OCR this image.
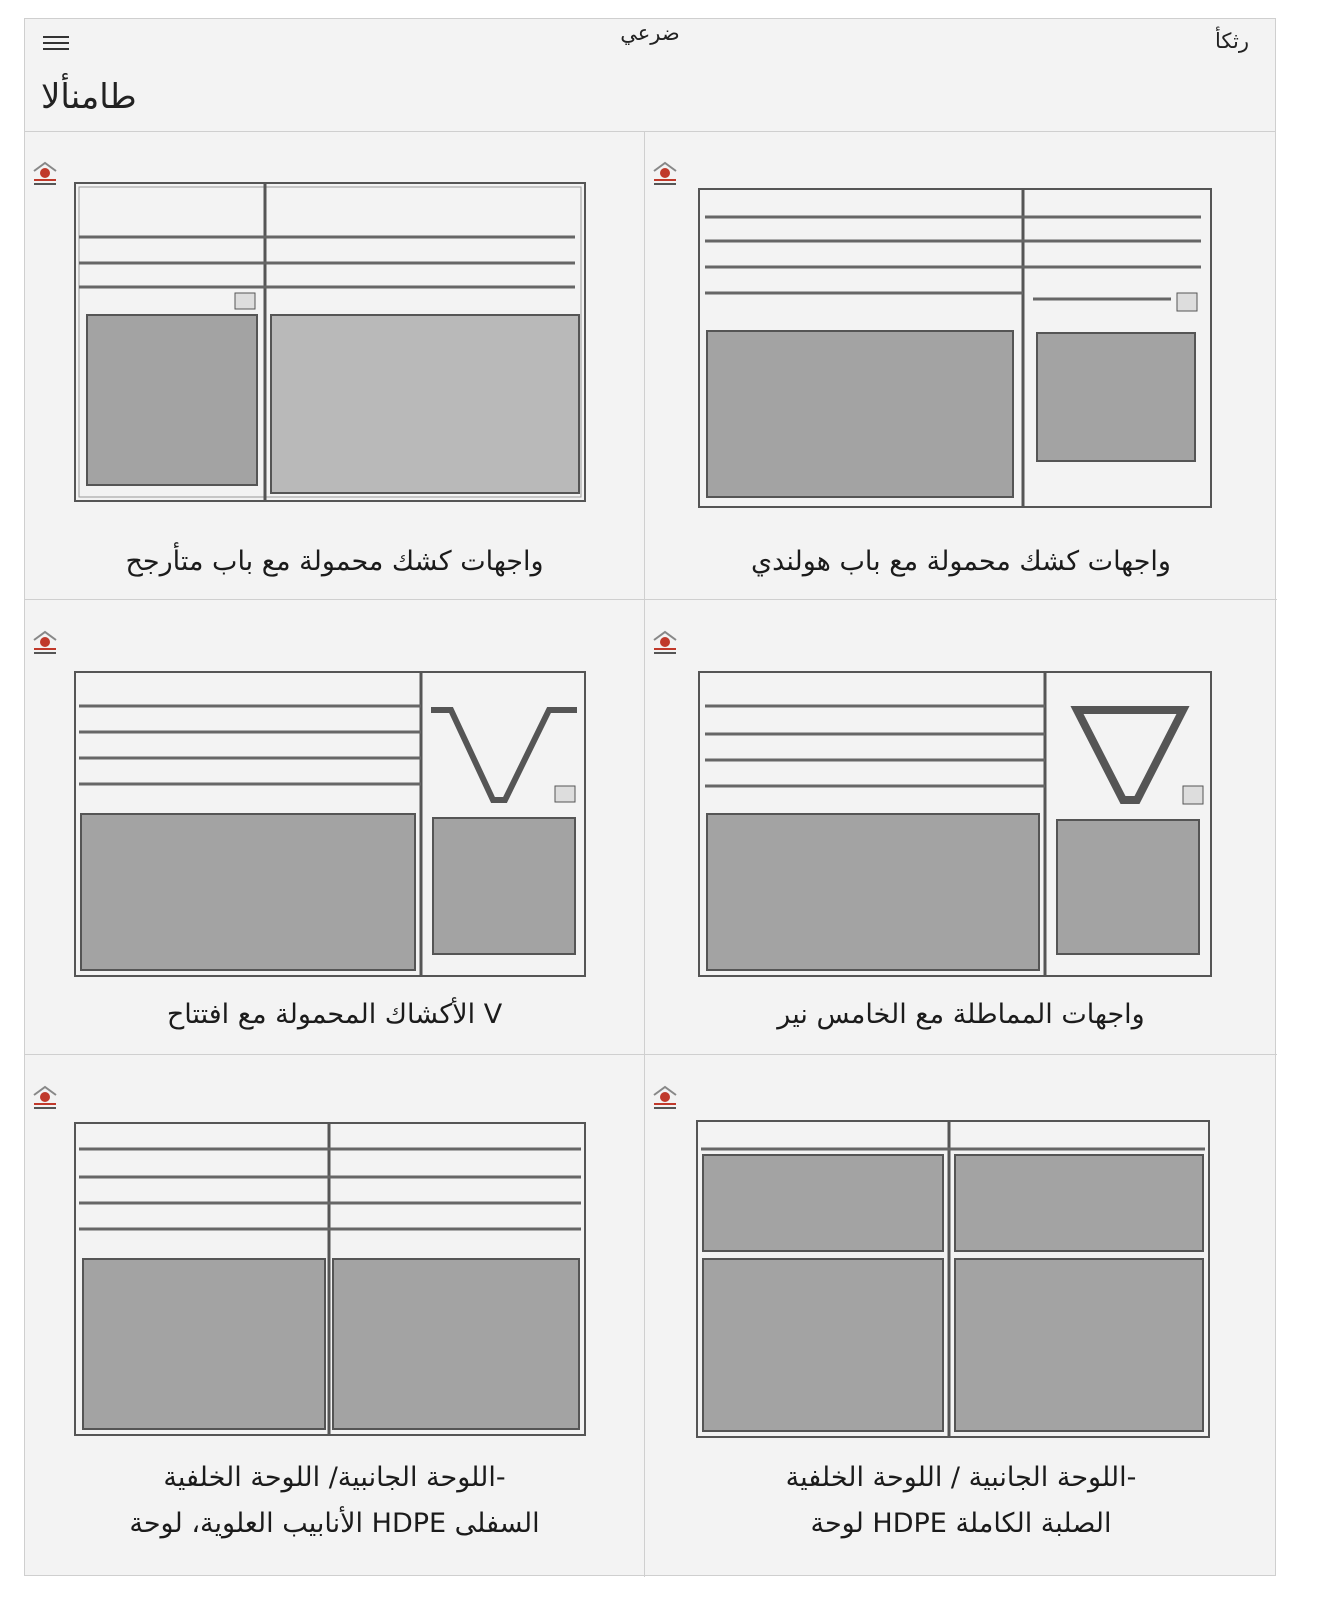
ضرعي	رثكأ
طامنألا
واجهات كشك محمولة مع باب متأرجح	واجهات كشك محمولة مع باب هولندي
الأكشاك المحمولة مع افتتاح V	واجهات المماطلة مع الخامس نير
اللوحة الجانبية/ اللوحة الخلفية-
الأنابيب العلوية، لوحة HDPE السفلى
اللوحة الجانبية / اللوحة الخلفية-
لوحة HDPE الصلبة الكاملة
